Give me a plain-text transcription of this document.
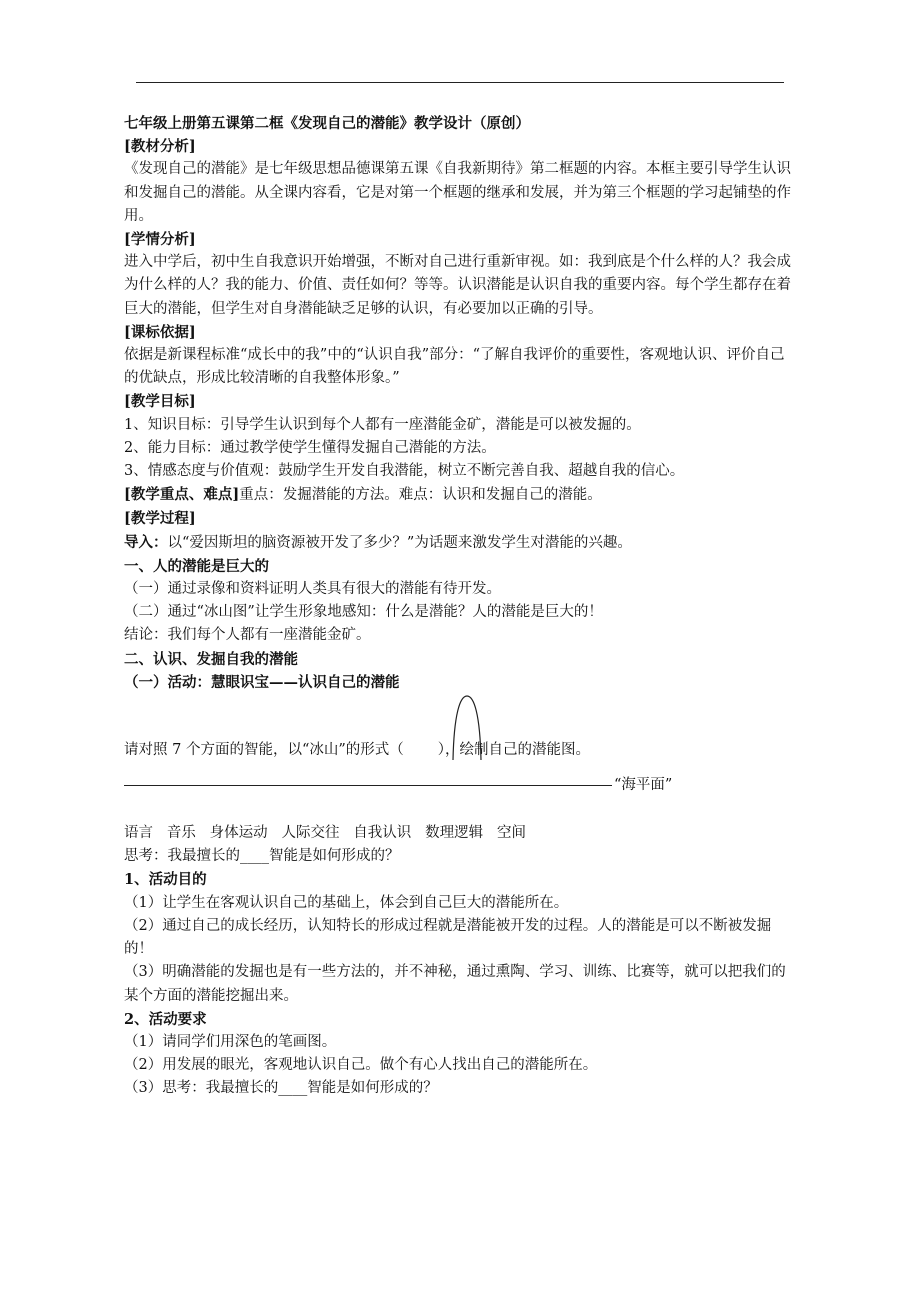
七年级上册第五课第二框《发现自己的潜能》教学设计（原创）

[教材分析]

《发现自己的潜能》是七年级思想品德课第五课《自我新期待》第二框题的内容。本框主要引导学生认识和发掘自己的潜能。从全课内容看，它是对第一个框题的继承和发展，并为第三个框题的学习起铺垫的作用。

[学情分析]

进入中学后，初中生自我意识开始增强，不断对自己进行重新审视。如：我到底是个什么样的人？我会成为什么样的人？我的能力、价值、责任如何？等等。认识潜能是认识自我的重要内容。每个学生都存在着巨大的潜能，但学生对自身潜能缺乏足够的认识，有必要加以正确的引导。

[课标依据]

依据是新课程标准“成长中的我”中的“认识自我”部分：“了解自我评价的重要性，客观地认识、评价自己的优缺点，形成比较清晰的自我整体形象。”

[教学目标]

1、知识目标：引导学生认识到每个人都有一座潜能金矿，潜能是可以被发掘的。

2、能力目标：通过教学使学生懂得发掘自己潜能的方法。

3、情感态度与价值观：鼓励学生开发自我潜能，树立不断完善自我、超越自我的信心。

[教学重点、难点]重点：发掘潜能的方法。难点：认识和发掘自己的潜能。

[教学过程]

导入：以“爱因斯坦的脑资源被开发了多少？”为话题来激发学生对潜能的兴趣。

一、人的潜能是巨大的

（一）通过录像和资料证明人类具有很大的潜能有待开发。

（二）通过“冰山图”让学生形象地感知：什么是潜能？人的潜能是巨大的！

结论：我们每个人都有一座潜能金矿。

二、认识、发掘自我的潜能

（一）活动：慧眼识宝——认识自己的潜能

请对照 7 个方面的智能，以“冰山”的形式（ ），绘制自己的潜能图。

“海平面”

语言   音乐   身体运动   人际交往   自我认识   数理逻辑   空间

思考：我最擅长的____智能是如何形成的？

1、活动目的

（1）让学生在客观认识自己的基础上，体会到自己巨大的潜能所在。

（2）通过自己的成长经历，认知特长的形成过程就是潜能被开发的过程。人的潜能是可以不断被发掘的！

（3）明确潜能的发掘也是有一些方法的，并不神秘，通过熏陶、学习、训练、比赛等，就可以把我们的某个方面的潜能挖掘出来。

2、活动要求

（1）请同学们用深色的笔画图。

（2）用发展的眼光，客观地认识自己。做个有心人找出自己的潜能所在。

（3）思考：我最擅长的____智能是如何形成的？
